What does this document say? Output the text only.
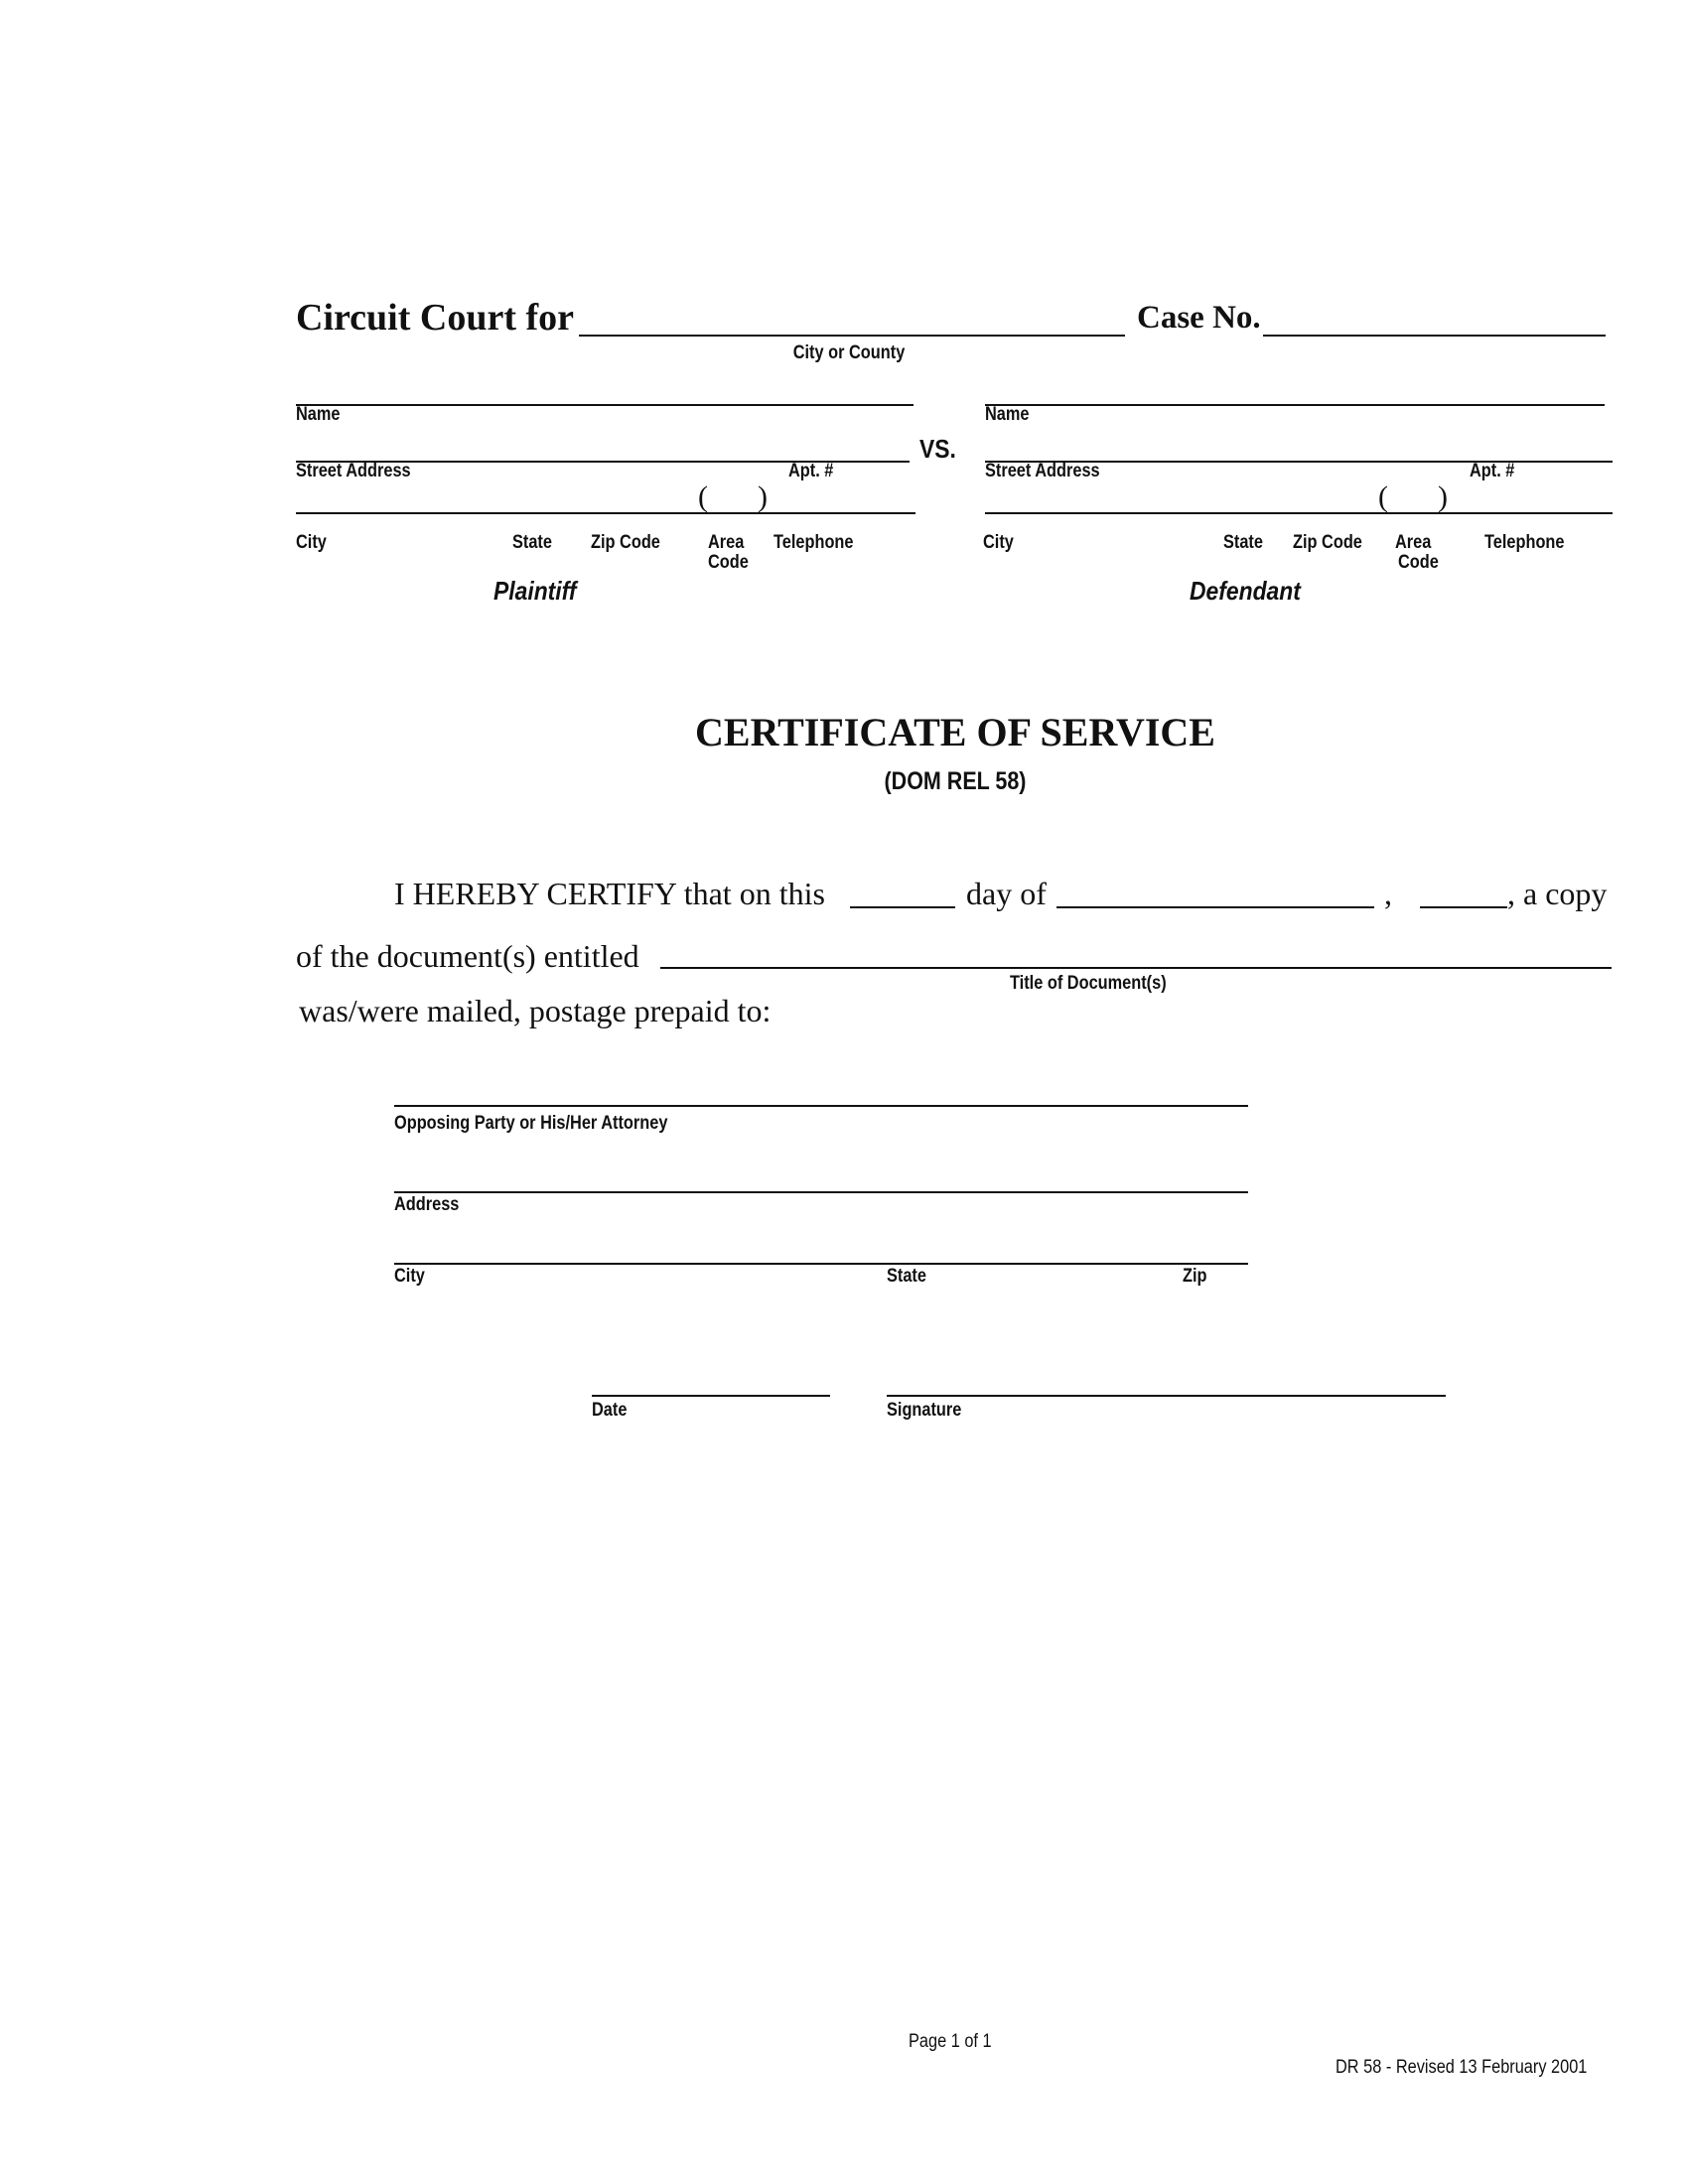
Circuit Court for
City or County
Case No.
Name
Street Address	Apt. #
( )
City	State Zip Code	Area
Code
Telephone
Plaintiff
VS.
Name
Street Address	Apt. #
( )
City	State Zip Code Area
Code
Telephone
Defendant
CERTIFICATE OF SERVICE
(DOM REL 58)
I HEREBY CERTIFY that on this	day of	,	, a copy
of the document(s) entitled
Title of Document(s)
was/were mailed, postage prepaid to:
Opposing Party or His/Her Attorney
Address
City	State	Zip
Date	Signature
Page 1 of 1
DR 58 - Revised 13 February 2001
